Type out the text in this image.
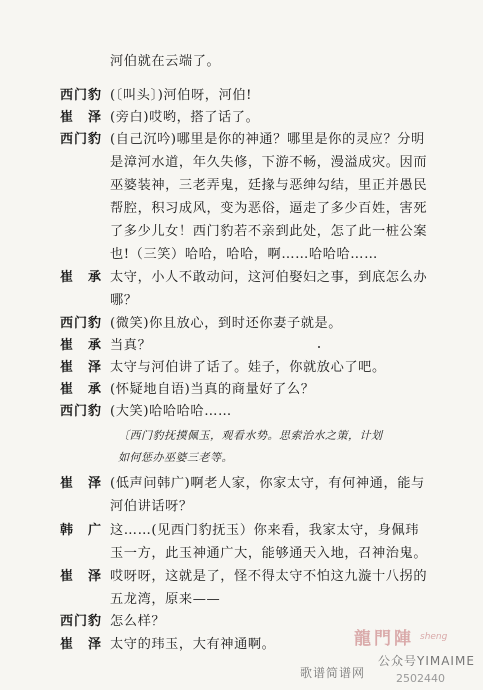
河伯就在云端了。
西门豹 (〔叫头〕)河伯呀，河伯!
崔　泽 (旁白)哎哟，搭了话了。
西门豹 (自己沉吟)哪里是你的神通？哪里是你的灵应？分明
是漳河水道，年久失修，下游不畅，漫溢成灾。因而
巫婆装神，三老弄鬼，廷掾与恶绅勾结，里正并愚民
帮腔，积习成风，变为恶俗，逼走了多少百姓，害死
了多少儿女！西门豹若不亲到此处，怎了此一桩公案
也!（三笑）哈哈，哈哈，啊……哈哈哈……
崔　承 太守，小人不敢动问，这河伯娶妇之事，到底怎么办
哪？
西门豹 (微笑)你且放心，到时还你妻子就是。
崔　承 当真？
崔　泽 太守与河伯讲了话了。娃子，你就放心了吧。
崔　承 (怀疑地自语)当真的商量好了么？
西门豹 (大笑)哈哈哈哈……
〔西门豹抚摸佩玉，观看水势。思索治水之策，计划
如何惩办巫婆三老等。
崔　泽 (低声问韩广)啊老人家，你家太守，有何神通，能与
河伯讲话呀？
韩　广 这……(见西门豹抚玉）你来看，我家太守，身佩玮
玉一方，此玉神通广大，能够通天入地，召神治鬼。
崔　泽 哎呀呀，这就是了，怪不得太守不怕这九漩十八拐的
五龙湾，原来——
西门豹 怎么样？
崔　泽 太守的玮玉，大有神通啊。	龍門陣 sheng
歌谱简谱网
公众号YIMAIME
2502440
